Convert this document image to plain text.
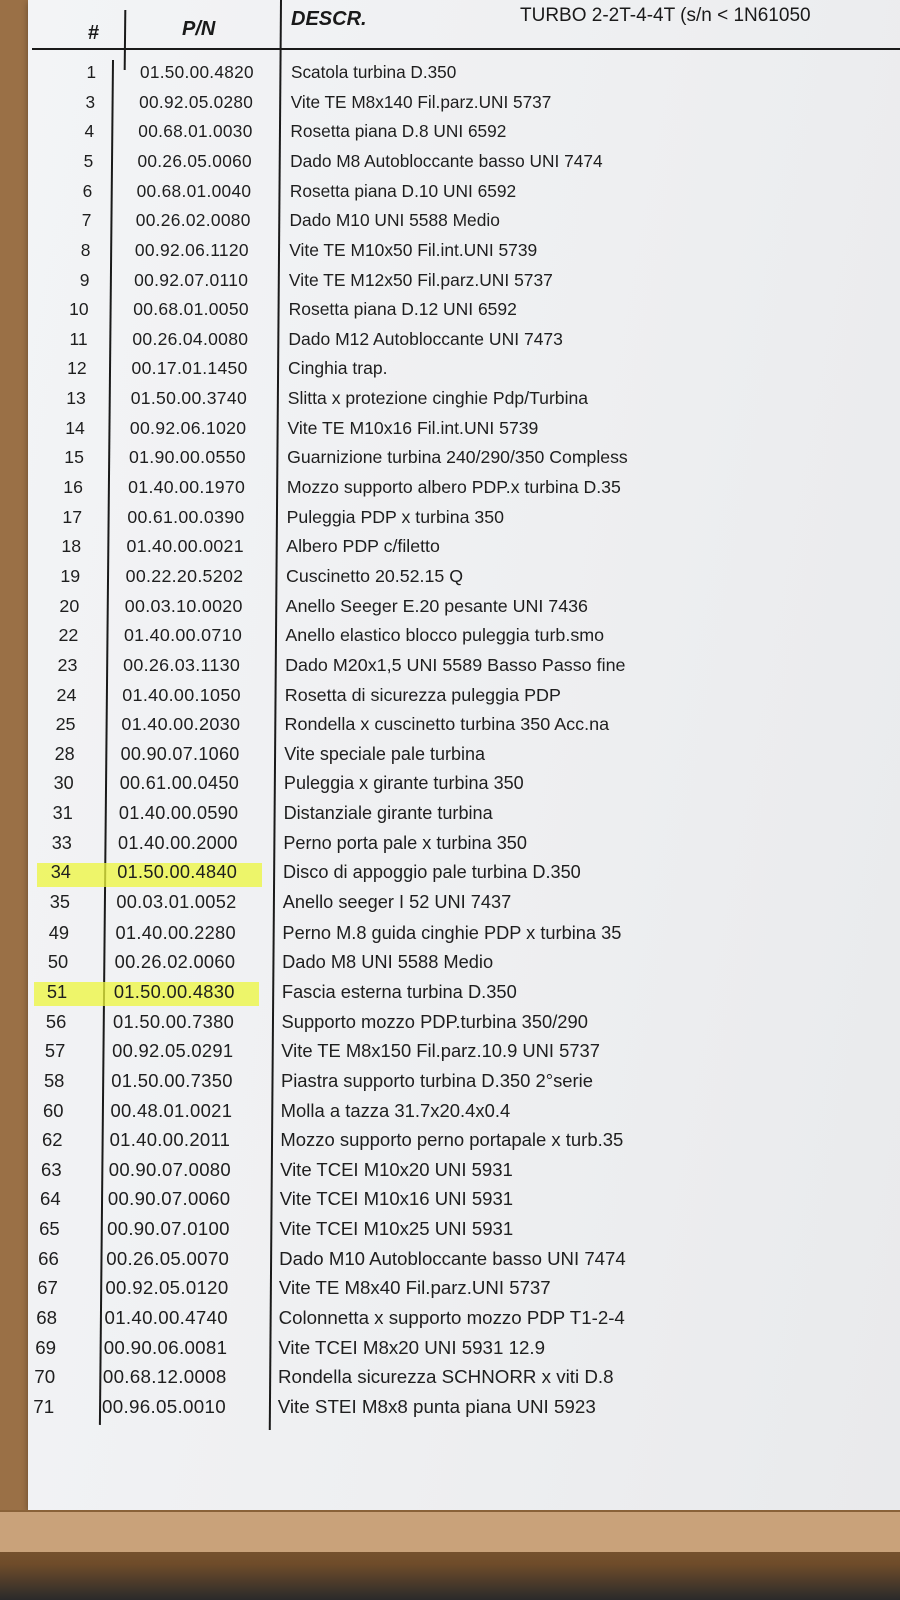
#	P/N	DESCR.	TURBO 2-2T-4-4T (s/n < 1N61050
1	01.50.00.4820 Scatola turbina D.350
3	00.92.05.0280 Vite TE M8x140 Fil.parz.UNI 5737
4	00.68.01.0030 Rosetta piana D.8 UNI 6592
5	00.26.05.0060 Dado M8 Autobloccante basso UNI 7474
6	00.68.01.0040 Rosetta piana D.10 UNI 6592
7	00.26.02.0080 Dado M10 UNI 5588 Medio
8	00.92.06.1120 Vite TE M10x50 Fil.int.UNI 5739
9	00.92.07.0110 Vite TE M12x50 Fil.parz.UNI 5737
10	00.68.01.0050 Rosetta piana D.12 UNI 6592
11	00.26.04.0080 Dado M12 Autobloccante UNI 7473
12	00.17.01.1450 Cinghia trap.
13	01.50.00.3740 Slitta x protezione cinghie Pdp/Turbina
14	00.92.06.1020 Vite TE M10x16 Fil.int.UNI 5739
15	01.90.00.0550 Guarnizione turbina 240/290/350 Compless
16	01.40.00.1970 Mozzo supporto albero PDP.x turbina D.35
17	00.61.00.0390 Puleggia PDP x turbina 350
18	01.40.00.0021 Albero PDP c/filetto
19	00.22.20.5202 Cuscinetto 20.52.15 Q
20	00.03.10.0020 Anello Seeger E.20 pesante UNI 7436
22	01.40.00.0710 Anello elastico blocco puleggia turb.smo
23	00.26.03.1130	Dado M20x1,5 UNI 5589 Basso Passo fine
24	01.40.00.1050 Rosetta di sicurezza puleggia PDP
25	01.40.00.2030 Rondella x cuscinetto turbina 350 Acc.na
28	00.90.07.1060 Vite speciale pale turbina
30	00.61.00.0450 Puleggia x girante turbina 350
31	01.40.00.0590 Distanziale girante turbina
33	01.40.00.2000	Perno porta pale x turbina 350
34	01.50.00.4840	Disco di appoggio pale turbina D.350
35	00.03.01.0052	Anello seeger I 52 UNI 7437
49	01.40.00.2280	Perno M.8 guida cinghie PDP x turbina 35
50	00.26.02.0060	Dado M8 UNI 5588 Medio
51	01.50.00.4830	Fascia esterna turbina D.350
56	01.50.00.7380	Supporto mozzo PDP.turbina 350/290
57	00.92.05.0291	Vite TE M8x150 Fil.parz.10.9 UNI 5737
58	01.50.00.7350	Piastra supporto turbina D.350 2°serie
60	00.48.01.0021	Molla a tazza 31.7x20.4x0.4
62	01.40.00.2011	Mozzo supporto perno portapale x turb.35
63	00.90.07.0080	Vite TCEI M10x20 UNI 5931
64	00.90.07.0060	Vite TCEI M10x16 UNI 5931
65	00.90.07.0100	Vite TCEI M10x25 UNI 5931
66	00.26.05.0070	Dado M10 Autobloccante basso UNI 7474
67	00.92.05.0120	Vite TE M8x40 Fil.parz.UNI 5737
68	01.40.00.4740	Colonnetta x supporto mozzo PDP T1-2-4
69	00.90.06.0081	Vite TCEI M8x20 UNI 5931 12.9
70	00.68.12.0008	Rondella sicurezza SCHNORR x viti D.8
71	00.96.05.0010	Vite STEI M8x8 punta piana UNI 5923
